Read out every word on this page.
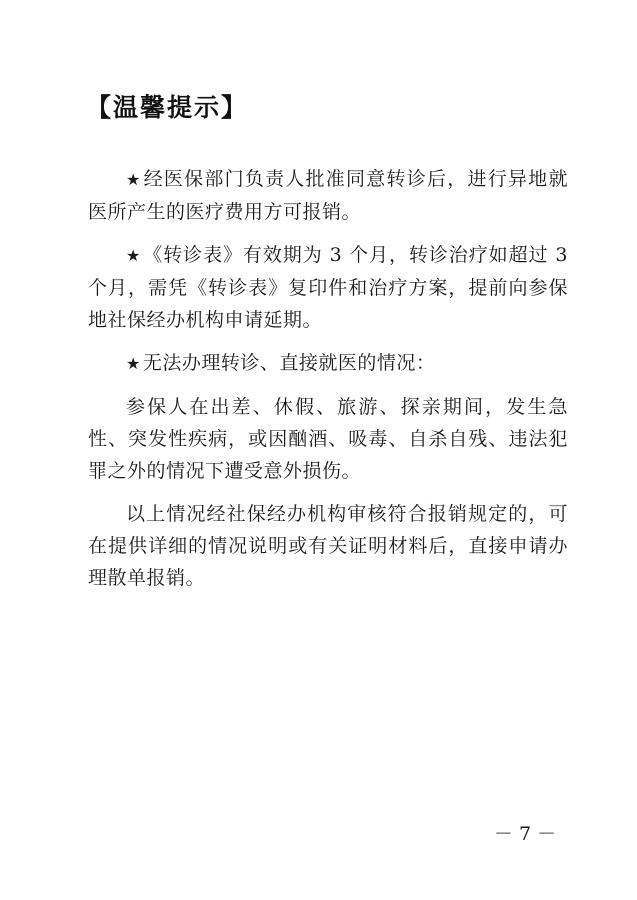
【温馨提示】

★ 经医保部门负责人批准同意转诊后，进行异地就医所产生的医疗费用方可报销。

★ 《转诊表》有效期为 3 个月，转诊治疗如超过 3 个月，需凭《转诊表》复印件和治疗方案，提前向参保地社保经办机构申请延期。

★ 无法办理转诊、直接就医的情况：

参保人在出差、休假、旅游、探亲期间，发生急性、突发性疾病，或因酗酒、吸毒、自杀自残、违法犯罪之外的情况下遭受意外损伤。

以上情况经社保经办机构审核符合报销规定的，可在提供详细的情况说明或有关证明材料后，直接申请办理散单报销。

－7－
